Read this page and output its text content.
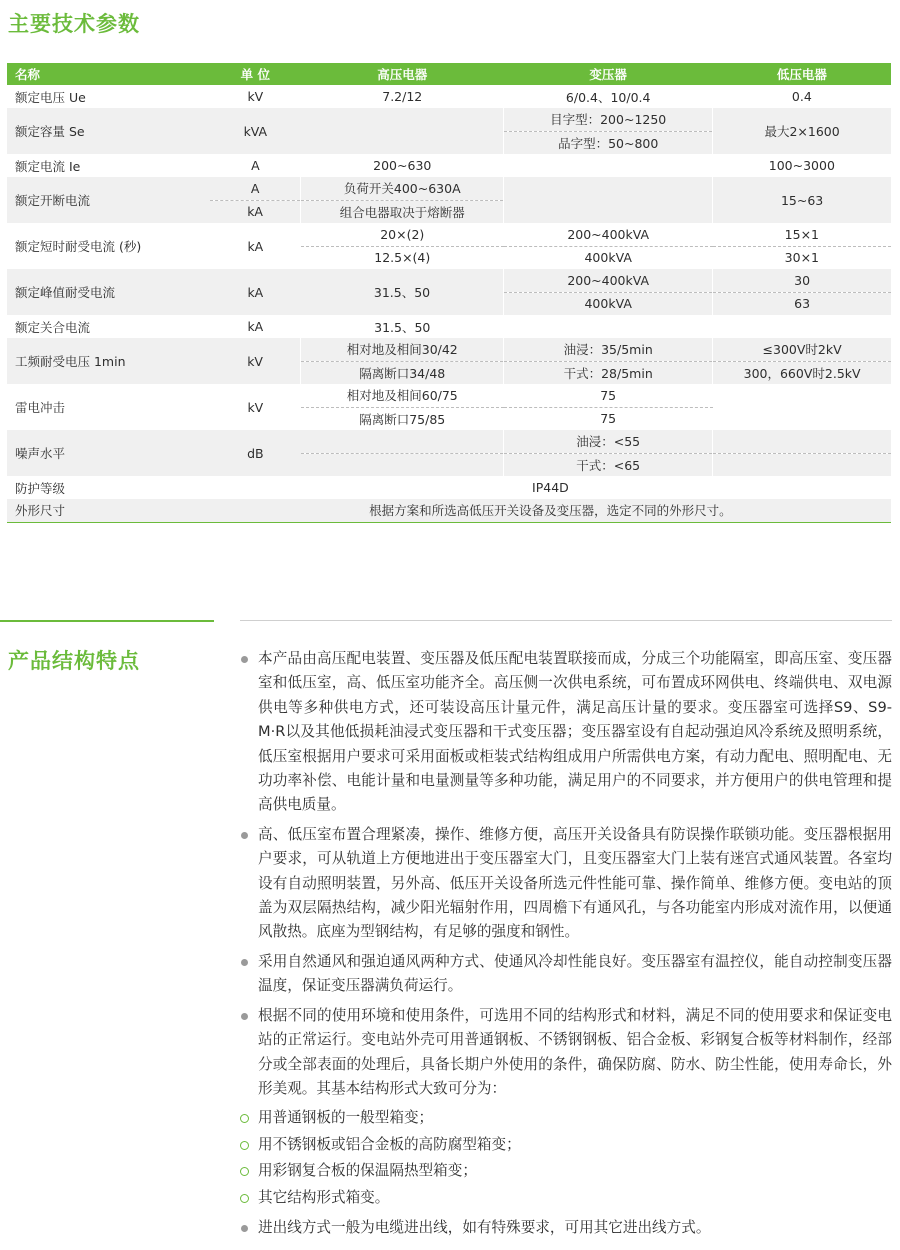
主要技术参数
名称	单 位	高压电器	变压器	低压电器
额定电压 Ue	kV	7.2/12	6/0.4、10/0.4	0.4
额定容量 Se	kVA		目字型：200~1250	最大2×1600
			品字型：50~800	
额定电流 Ie	A	200~630		100~3000
额定开断电流	A	负荷开关400~630A		15~63
	kA	组合电器取决于熔断器		
额定短时耐受电流 (秒)	kA	20×(2)	200~400kVA	15×1
		12.5×(4)	400kVA	30×1
额定峰值耐受电流	kA	31.5、50	200~400kVA	30
			400kVA	63
额定关合电流	kA	31.5、50		
工频耐受电压 1min	kV	相对地及相间30/42	油浸：35/5min	≤300V时2kV
		隔离断口34/48	干式：28/5min	300，660V时2.5kV
雷电冲击	kV	相对地及相间60/75	75	
		隔离断口75/85	75	
噪声水平	dB		油浸：<55	
			干式：<65	
防护等级	IP44D			
外形尺寸	根据方案和所选高低压开关设备及变压器，选定不同的外形尺寸。			
产品结构特点	本产品由高压配电装置、变压器及低压配电装置联接而成，分成三个功能隔室，即高压室、变压器室和低压室，高、低压室功能齐全。高压侧一次供电系统，可布置成环网供电、终端供电、双电源供电等多种供电方式，还可装设高压计量元件，满足高压计量的要求。变压器室可选择S9、S9-M·R以及其他低损耗油浸式变压器和干式变压器；变压器室设有自起动强迫风冷系统及照明系统，低压室根据用户要求可采用面板或柜装式结构组成用户所需供电方案，有动力配电、照明配电、无功功率补偿、电能计量和电量测量等多种功能，满足用户的不同要求，并方便用户的供电管理和提高供电质量。
高、低压室布置合理紧凑，操作、维修方便，高压开关设备具有防误操作联锁功能。变压器根据用户要求，可从轨道上方便地进出于变压器室大门，且变压器室大门上装有迷宫式通风装置。各室均设有自动照明装置，另外高、低压开关设备所选元件性能可靠、操作简单、维修方便。变电站的顶盖为双层隔热结构，减少阳光辐射作用，四周檐下有通风孔，与各功能室内形成对流作用，以便通风散热。底座为型钢结构，有足够的强度和钢性。
采用自然通风和强迫通风两种方式、使通风冷却性能良好。变压器室有温控仪，能自动控制变压器温度，保证变压器满负荷运行。
根据不同的使用环境和使用条件，可选用不同的结构形式和材料，满足不同的使用要求和保证变电站的正常运行。变电站外壳可用普通钢板、不锈钢钢板、铝合金板、彩钢复合板等材料制作，经部分或全部表面的处理后，具备长期户外使用的条件，确保防腐、防水、防尘性能，使用寿命长，外形美观。其基本结构形式大致可分为：
用普通钢板的一般型箱变；
用不锈钢板或铝合金板的高防腐型箱变；
用彩钢复合板的保温隔热型箱变；
其它结构形式箱变。
进出线方式一般为电缆进出线，如有特殊要求，可用其它进出线方式。
